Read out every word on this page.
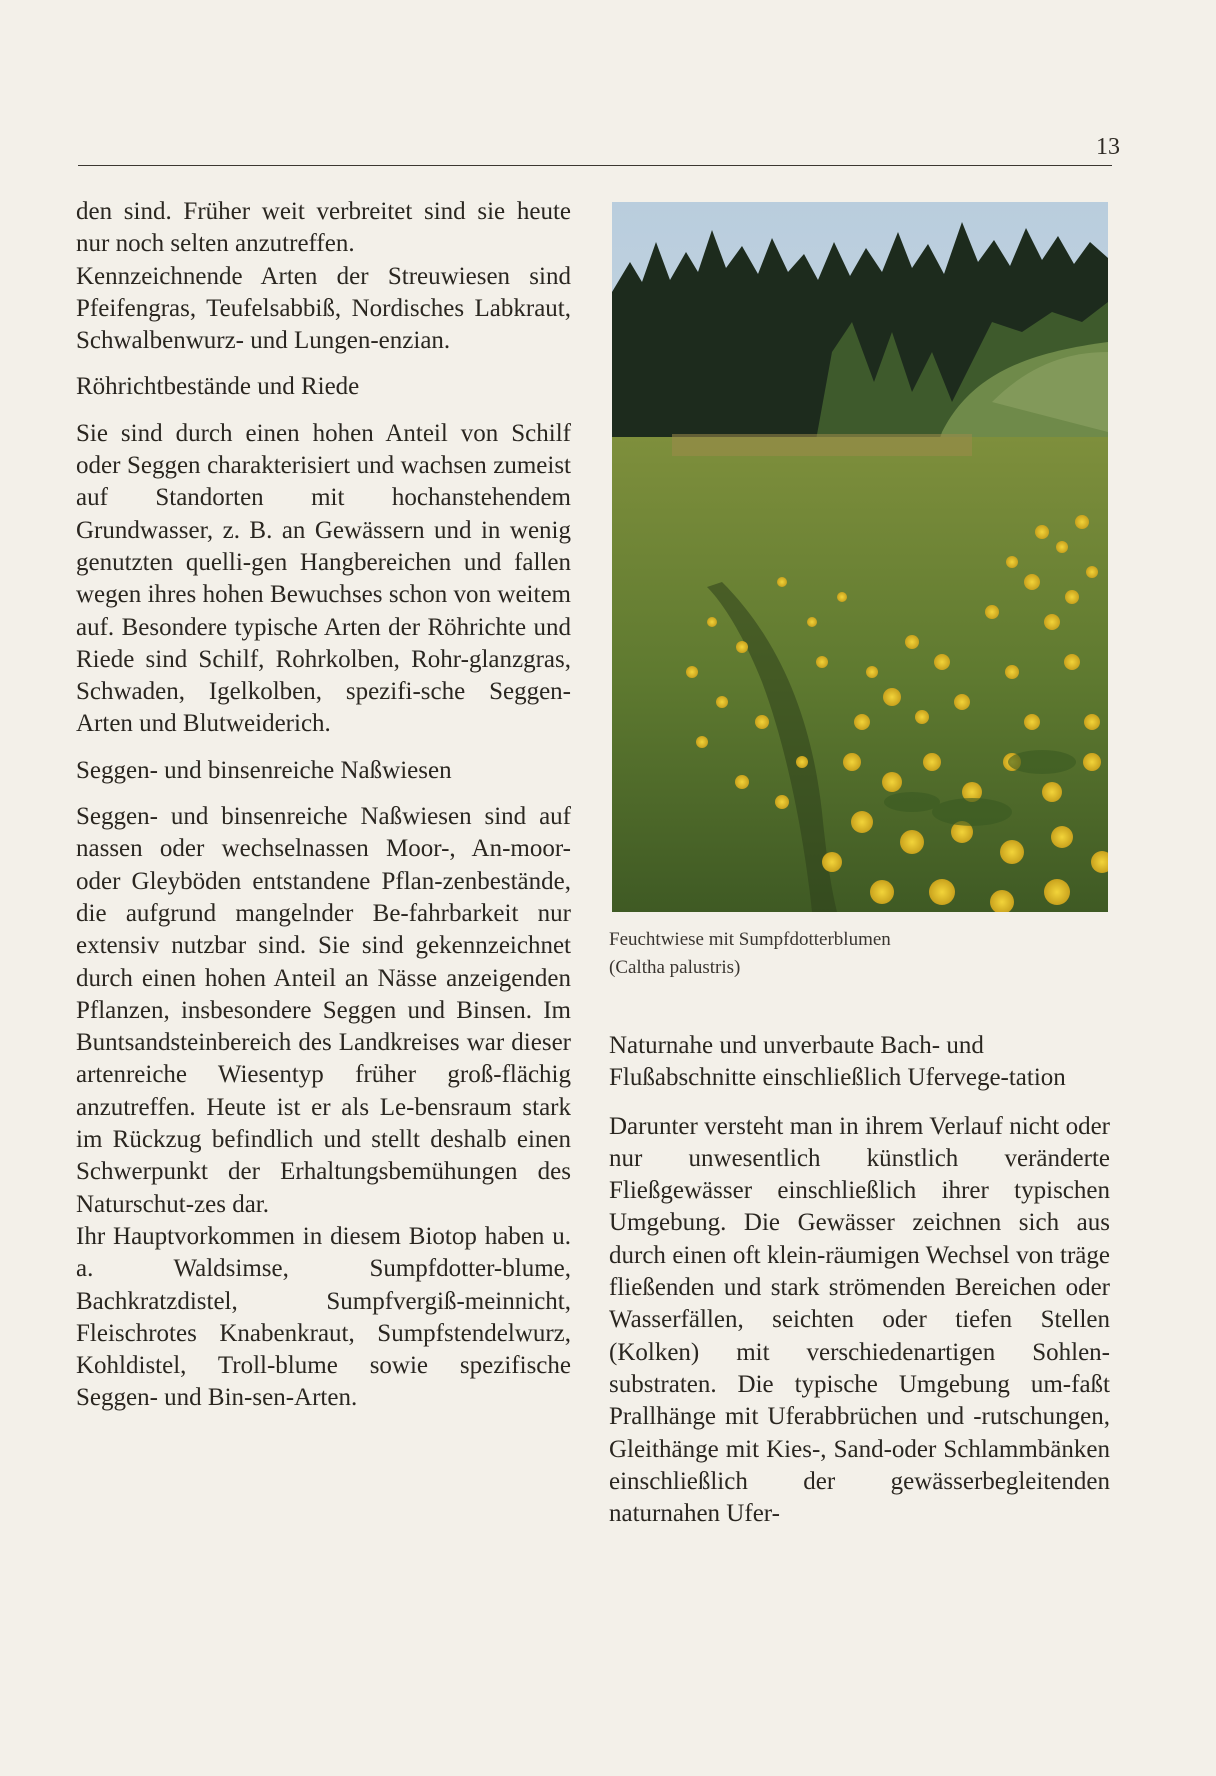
13

den sind. Früher weit verbreitet sind sie heute nur noch selten anzutreffen.

Kennzeichnende Arten der Streuwiesen sind Pfeifengras, Teufelsabbiß, Nordisches Labkraut, Schwalbenwurz- und Lungen-enzian.

Röhrichtbestände und Riede

Sie sind durch einen hohen Anteil von Schilf oder Seggen charakterisiert und wachsen zumeist auf Standorten mit hochanstehendem Grundwasser, z. B. an Gewässern und in wenig genutzten quelli-gen Hangbereichen und fallen wegen ihres hohen Bewuchses schon von weitem auf. Besondere typische Arten der Röhrichte und Riede sind Schilf, Rohrkolben, Rohr-glanzgras, Schwaden, Igelkolben, spezifi-sche Seggen-Arten und Blutweiderich.

Seggen- und binsenreiche Naßwiesen

Seggen- und binsenreiche Naßwiesen sind auf nassen oder wechselnassen Moor-, An-moor- oder Gleyböden entstandene Pflan-zenbestände, die aufgrund mangelnder Be-fahrbarkeit nur extensiv nutzbar sind. Sie sind gekennzeichnet durch einen hohen Anteil an Nässe anzeigenden Pflanzen, insbesondere Seggen und Binsen. Im Buntsandsteinbereich des Landkreises war dieser artenreiche Wiesentyp früher groß-flächig anzutreffen. Heute ist er als Le-bensraum stark im Rückzug befindlich und stellt deshalb einen Schwerpunkt der Erhaltungsbemühungen des Naturschut-zes dar.

Ihr Hauptvorkommen in diesem Biotop haben u. a. Waldsimse, Sumpfdotter-blume, Bachkratzdistel, Sumpfvergiß-meinnicht, Fleischrotes Knabenkraut, Sumpfstendelwurz, Kohldistel, Troll-blume sowie spezifische Seggen- und Bin-sen-Arten.

Feuchtwiese mit Sumpfdotterblumen

(Caltha palustris)

Naturnahe und unverbaute Bach- und Flußabschnitte einschließlich Ufervege-tation

Darunter versteht man in ihrem Verlauf nicht oder nur unwesentlich künstlich veränderte Fließgewässer einschließlich ihrer typischen Umgebung. Die Gewässer zeichnen sich aus durch einen oft klein-räumigen Wechsel von träge fließenden und stark strömenden Bereichen oder Wasserfällen, seichten oder tiefen Stellen (Kolken) mit verschiedenartigen Sohlen-substraten. Die typische Umgebung um-faßt Prallhänge mit Uferabbrüchen und -rutschungen, Gleithänge mit Kies-, Sand-oder Schlammbänken einschließlich der gewässerbegleitenden naturnahen Ufer-
